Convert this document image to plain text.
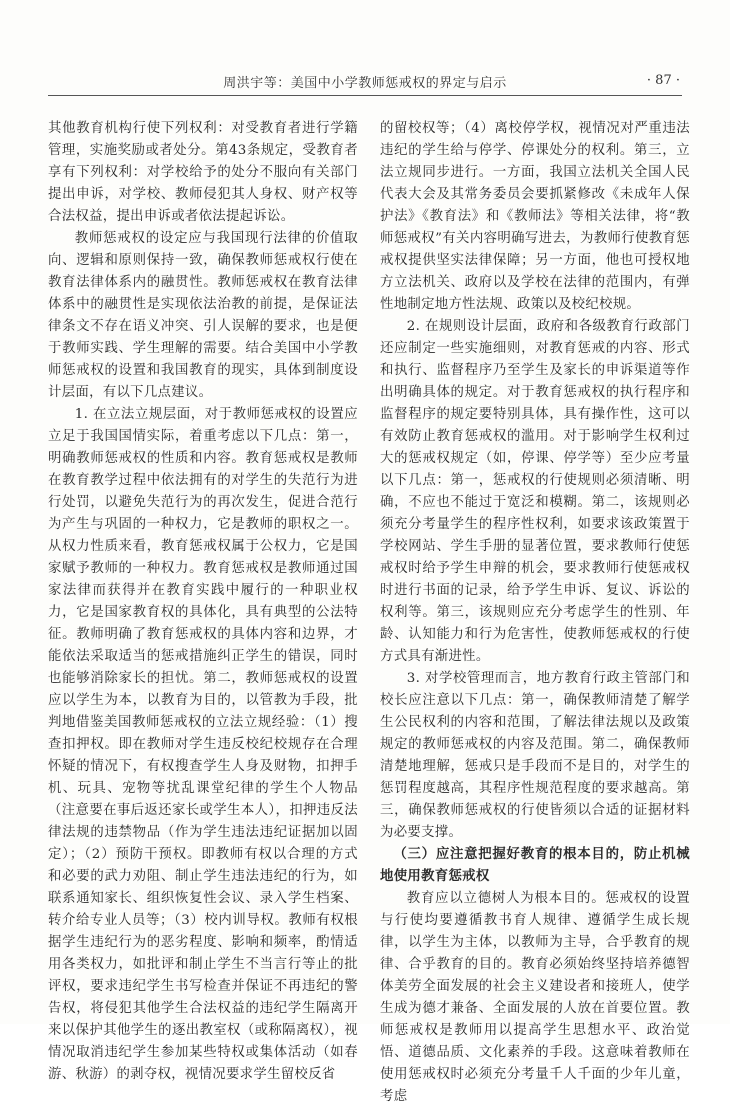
周洪宇等：美国中小学教师惩戒权的界定与启示	· 87 ·

其他教育机构行使下列权利：对受教育者进行学籍管理，实施奖励或者处分。第43条规定，受教育者享有下列权利：对学校给予的处分不服向有关部门提出申诉，对学校、教师侵犯其人身权、财产权等合法权益，提出申诉或者依法提起诉讼。

教师惩戒权的设定应与我国现行法律的价值取向、逻辑和原则保持一致，确保教师惩戒权行使在教育法律体系内的融贯性。教师惩戒权在教育法律体系中的融贯性是实现依法治教的前提，是保证法律条文不存在语义冲突、引人误解的要求，也是便于教师实践、学生理解的需要。结合美国中小学教师惩戒权的设置和我国教育的现实，具体到制度设计层面，有以下几点建议。

1. 在立法立规层面，对于教师惩戒权的设置应立足于我国国情实际，着重考虑以下几点：第一，明确教师惩戒权的性质和内容。教育惩戒权是教师在教育教学过程中依法拥有的对学生的失范行为进行处罚，以避免失范行为的再次发生，促进合范行为产生与巩固的一种权力，它是教师的职权之一。从权力性质来看，教育惩戒权属于公权力，它是国家赋予教师的一种权力。教育惩戒权是教师通过国家法律而获得并在教育实践中履行的一种职业权力，它是国家教育权的具体化，具有典型的公法特征。教师明确了教育惩戒权的具体内容和边界，才能依法采取适当的惩戒措施纠正学生的错误，同时也能够消除家长的担忧。第二，教师惩戒权的设置应以学生为本，以教育为目的，以管教为手段，批判地借鉴美国教师惩戒权的立法立规经验：（1）搜查扣押权。即在教师对学生违反校纪校规存在合理怀疑的情况下，有权搜查学生人身及财物，扣押手机、玩具、宠物等扰乱课堂纪律的学生个人物品（注意要在事后返还家长或学生本人），扣押违反法律法规的违禁物品（作为学生违法违纪证据加以固定）；（2）预防干预权。即教师有权以合理的方式和必要的武力劝阻、制止学生违法违纪的行为，如联系通知家长、组织恢复性会议、录入学生档案、转介给专业人员等；（3）校内训导权。教师有权根据学生违纪行为的恶劣程度、影响和频率，酌情适用各类权力，如批评和制止学生不当言行等止的批评权，要求违纪学生书写检查并保证不再违纪的警告权，将侵犯其他学生合法权益的违纪学生隔离开来以保护其他学生的逐出教室权（或称隔离权），视情况取消违纪学生参加某些特权或集体活动（如春游、秋游）的剥夺权，视情况要求学生留校反省

的留校权等；（4）离校停学权，视情况对严重违法违纪的学生给与停学、停课处分的权利。第三，立法立规同步进行。一方面，我国立法机关全国人民代表大会及其常务委员会要抓紧修改《未成年人保护法》《教育法》和《教师法》等相关法律，将“教师惩戒权”有关内容明确写进去，为教师行使教育惩戒权提供坚实法律保障；另一方面，他也可授权地方立法机关、政府以及学校在法律的范围内，有弹性地制定地方性法规、政策以及校纪校规。

2. 在规则设计层面，政府和各级教育行政部门还应制定一些实施细则，对教育惩戒的内容、形式和执行、监督程序乃至学生及家长的申诉渠道等作出明确具体的规定。对于教育惩戒权的执行程序和监督程序的规定要特别具体，具有操作性，这可以有效防止教育惩戒权的滥用。对于影响学生权利过大的惩戒权规定（如，停课、停学等）至少应考量以下几点：第一，惩戒权的行使规则必须清晰、明确，不应也不能过于宽泛和模糊。第二，该规则必须充分考量学生的程序性权利，如要求该政策置于学校网站、学生手册的显著位置，要求教师行使惩戒权时给予学生申辩的机会，要求教师行使惩戒权时进行书面的记录，给予学生申诉、复议、诉讼的权利等。第三，该规则应充分考虑学生的性别、年龄、认知能力和行为危害性，使教师惩戒权的行使方式具有渐进性。

3. 对学校管理而言，地方教育行政主管部门和校长应注意以下几点：第一，确保教师清楚了解学生公民权利的内容和范围，了解法律法规以及政策规定的教师惩戒权的内容及范围。第二，确保教师清楚地理解，惩戒只是手段而不是目的，对学生的惩罚程度越高，其程序性规范程度的要求越高。第三，确保教师惩戒权的行使皆须以合适的证据材料为必要支撑。

（三）应注意把握好教育的根本目的，防止机械地使用教育惩戒权

教育应以立德树人为根本目的。惩戒权的设置与行使均要遵循教书育人规律、遵循学生成长规律，以学生为主体，以教师为主导，合乎教育的规律、合乎教育的目的。教育必须始终坚持培养德智体美劳全面发展的社会主义建设者和接班人，使学生成为德才兼备、全面发展的人放在首要位置。教师惩戒权是教师用以提高学生思想水平、政治觉悟、道德品质、文化素养的手段。这意味着教师在使用惩戒权时必须充分考量千人千面的少年儿童，考虑
